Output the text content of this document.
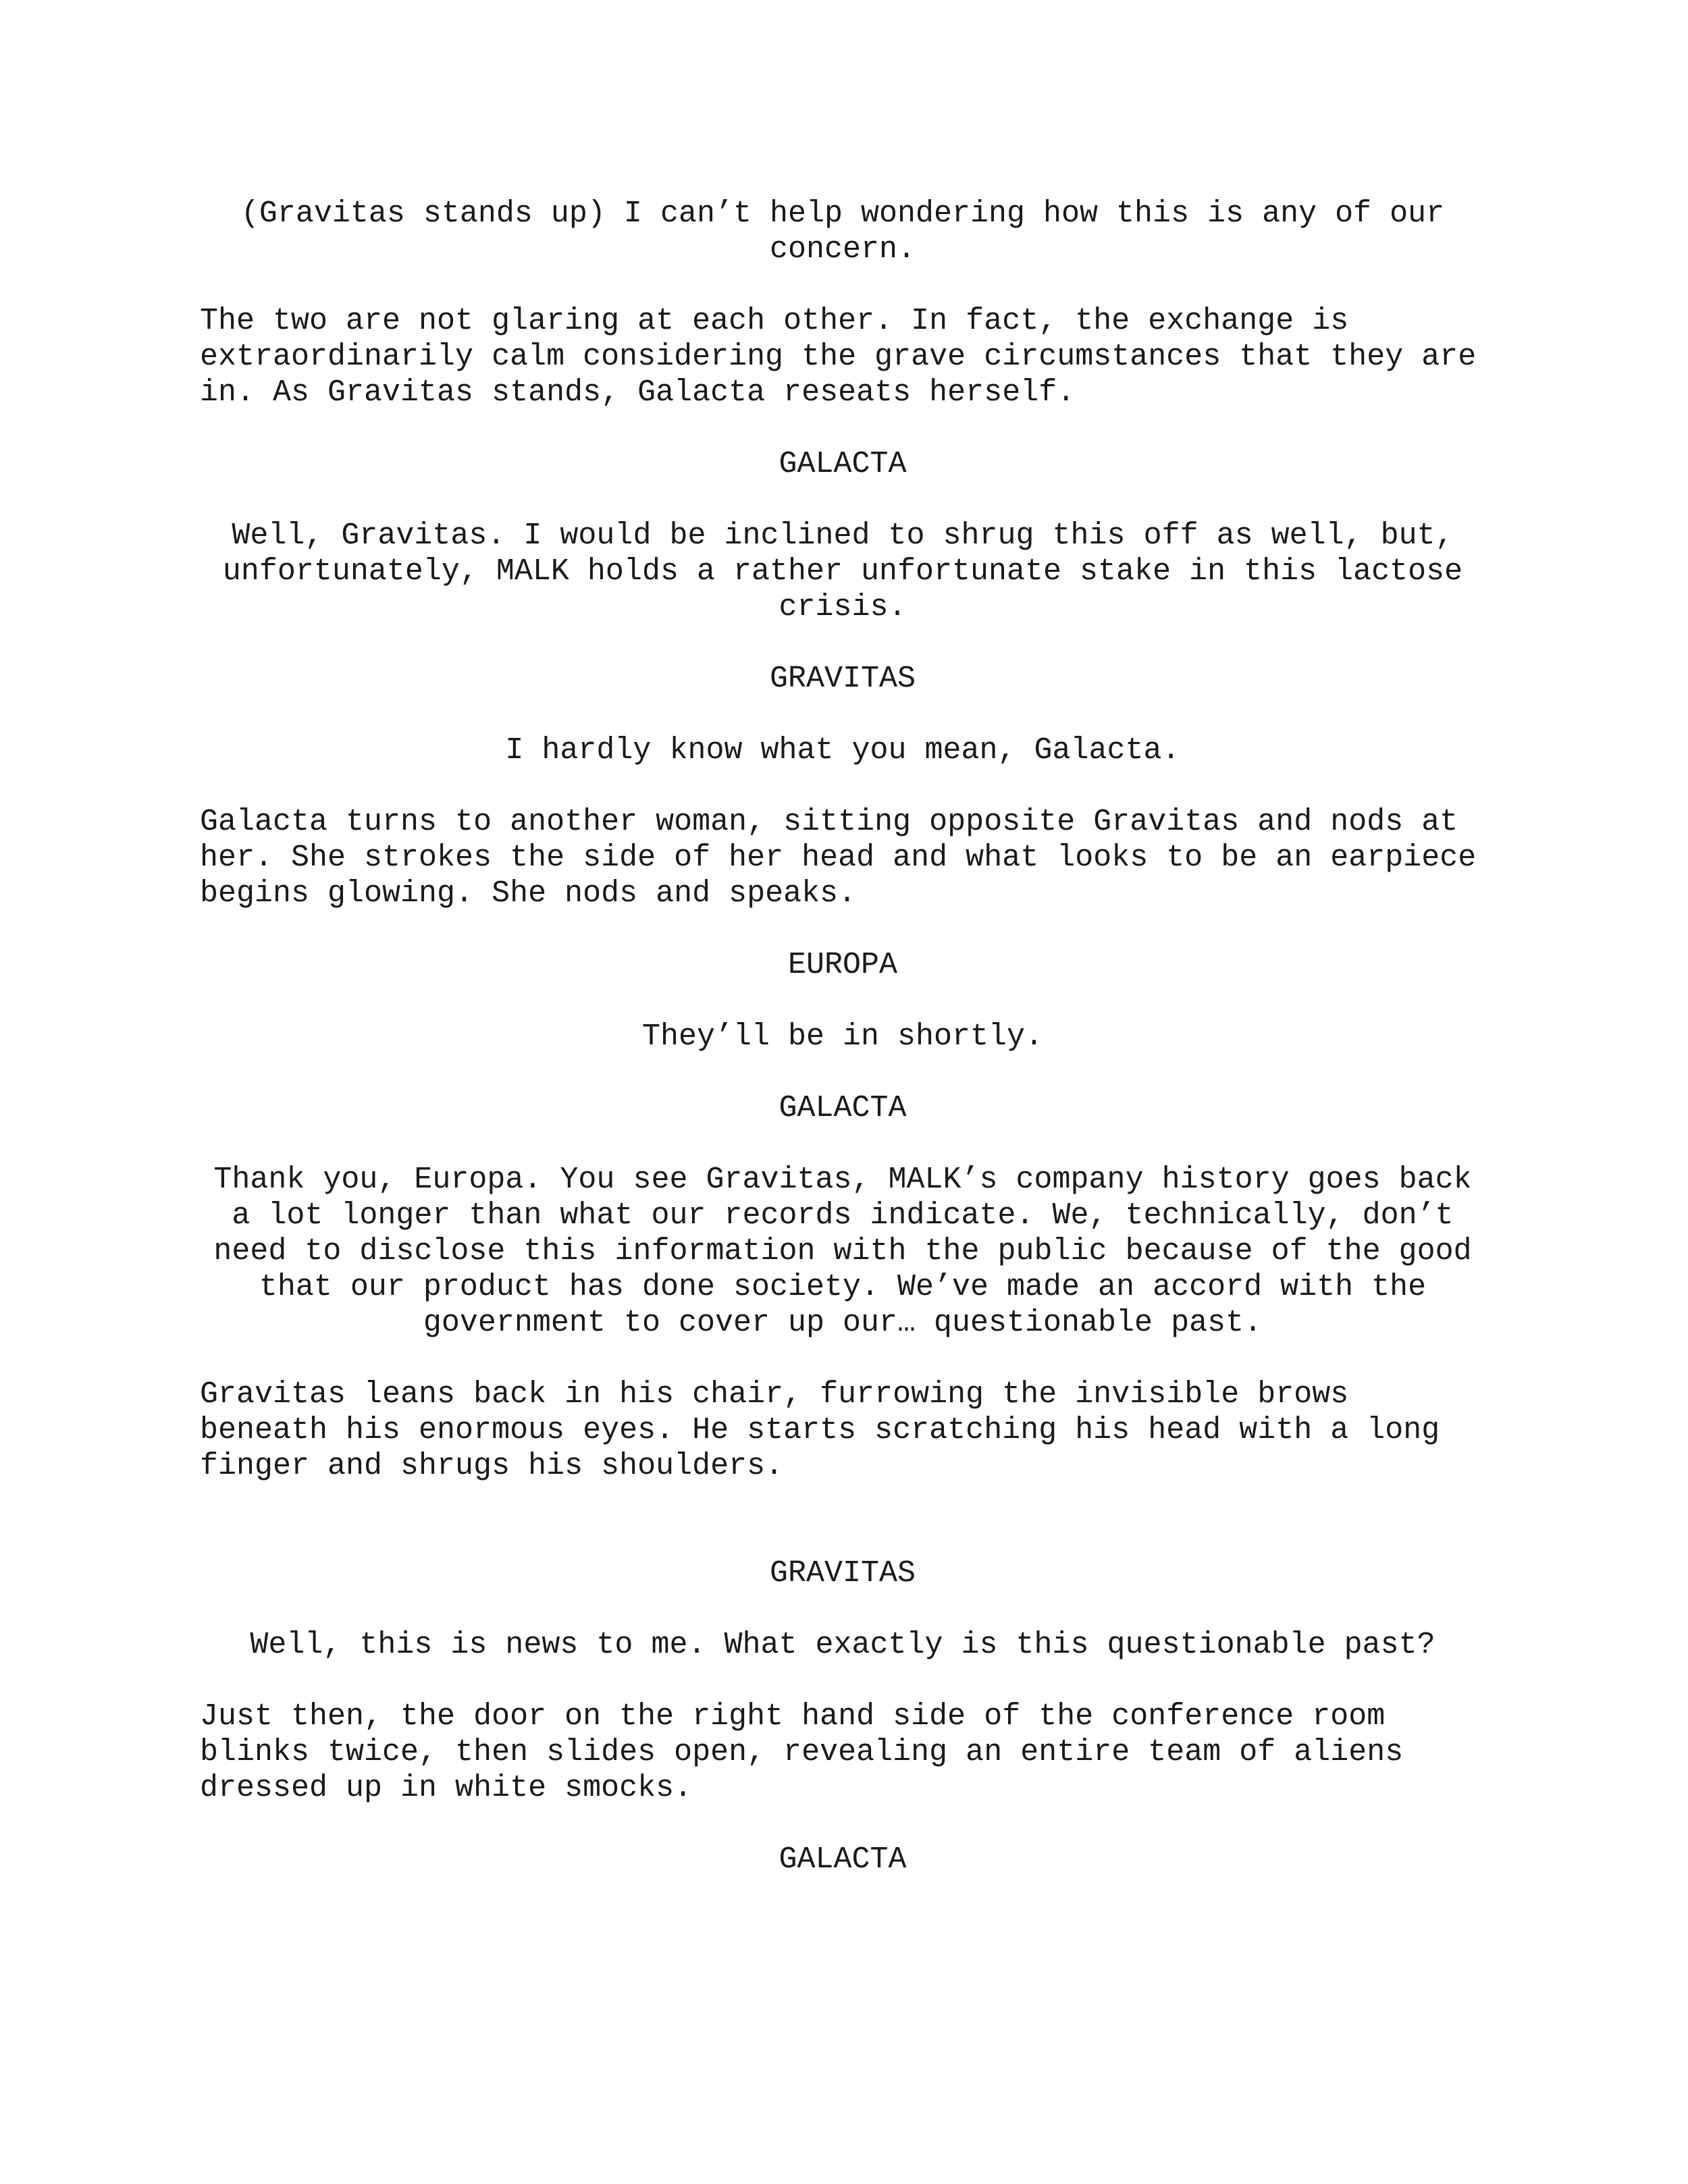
(Gravitas stands up) I can’t help wondering how this is any of our
concern.
The two are not glaring at each other. In fact, the exchange is
extraordinarily calm considering the grave circumstances that they are
in. As Gravitas stands, Galacta reseats herself.
GALACTA
Well, Gravitas. I would be inclined to shrug this off as well, but,
unfortunately, MALK holds a rather unfortunate stake in this lactose
crisis.
GRAVITAS
I hardly know what you mean, Galacta.
Galacta turns to another woman, sitting opposite Gravitas and nods at
her. She strokes the side of her head and what looks to be an earpiece
begins glowing. She nods and speaks.
EUROPA
They’ll be in shortly.
GALACTA
Thank you, Europa. You see Gravitas, MALK’s company history goes back
a lot longer than what our records indicate. We, technically, don’t
need to disclose this information with the public because of the good
that our product has done society. We’ve made an accord with the
government to cover up our… questionable past.
Gravitas leans back in his chair, furrowing the invisible brows
beneath his enormous eyes. He starts scratching his head with a long
finger and shrugs his shoulders.
GRAVITAS
Well, this is news to me. What exactly is this questionable past?
Just then, the door on the right hand side of the conference room
blinks twice, then slides open, revealing an entire team of aliens
dressed up in white smocks.
GALACTA
